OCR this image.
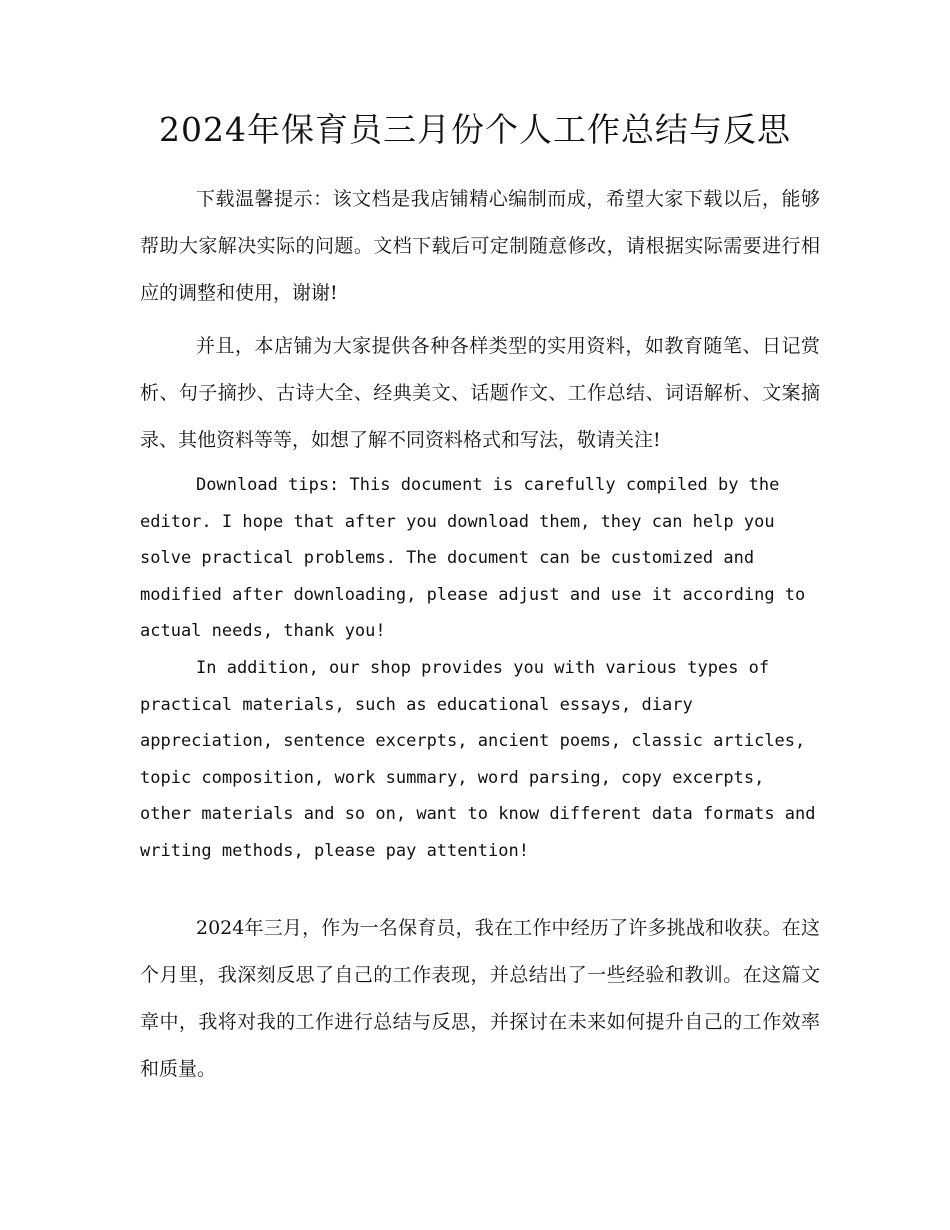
2024年保育员三月份个人工作总结与反思

下载温馨提示：该文档是我店铺精心编制而成，希望大家下载以后，能够帮助大家解决实际的问题。文档下载后可定制随意修改，请根据实际需要进行相应的调整和使用，谢谢!

并且，本店铺为大家提供各种各样类型的实用资料，如教育随笔、日记赏析、句子摘抄、古诗大全、经典美文、话题作文、工作总结、词语解析、文案摘录、其他资料等等，如想了解不同资料格式和写法，敬请关注!

Download tips: This document is carefully compiled by the
editor. I hope that after you download them, they can help you
solve practical problems. The document can be customized and
modified after downloading, please adjust and use it according to
actual needs, thank you!

In addition, our shop provides you with various types of
practical materials, such as educational essays, diary
appreciation, sentence excerpts, ancient poems, classic articles,
topic composition, work summary, word parsing, copy excerpts,
other materials and so on, want to know different data formats and
writing methods, please pay attention!

2024年三月，作为一名保育员，我在工作中经历了许多挑战和收获。在这个月里，我深刻反思了自己的工作表现，并总结出了一些经验和教训。在这篇文章中，我将对我的工作进行总结与反思，并探讨在未来如何提升自己的工作效率和质量。
